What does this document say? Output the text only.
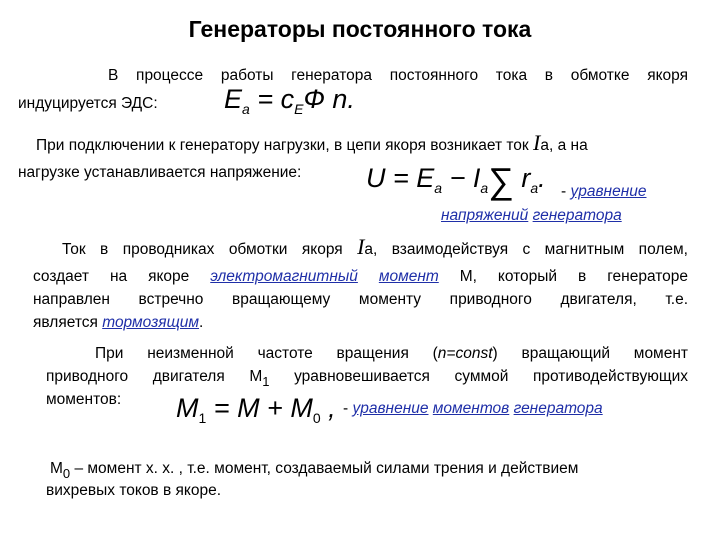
Генераторы постоянного тока
В процессе работы генератора постоянного тока в обмотке якоря
индуцируется ЭДС: $E_a = c_EФ$ n.
При подключении к генератору нагрузки, в цепи якоря возникает ток Ia, а на
нагрузке устанавливается напряжение: $U = E_a - I_a\sum$ $r_a$. - уравнение
напряжений генератора
Ток в проводниках обмотки якоря Iа, взаимодействуя с магнитным полем,
создает на якоре электромагнитный момент М, который в генераторе
направлен встречно вращающему моменту приводного двигателя, т.е.
является тормозящим.
При неизменной частоте вращения (n=const) вращающий момент
приводного двигателя $М_1$ уравновешивается суммой противодействующих
моментов: $M_1 = M + M_0$ , - уравнение моментов генератора
$М_0$ – момент х. х. , т.е. момент, создаваемый силами трения и действием
вихревых токов в якоре.
